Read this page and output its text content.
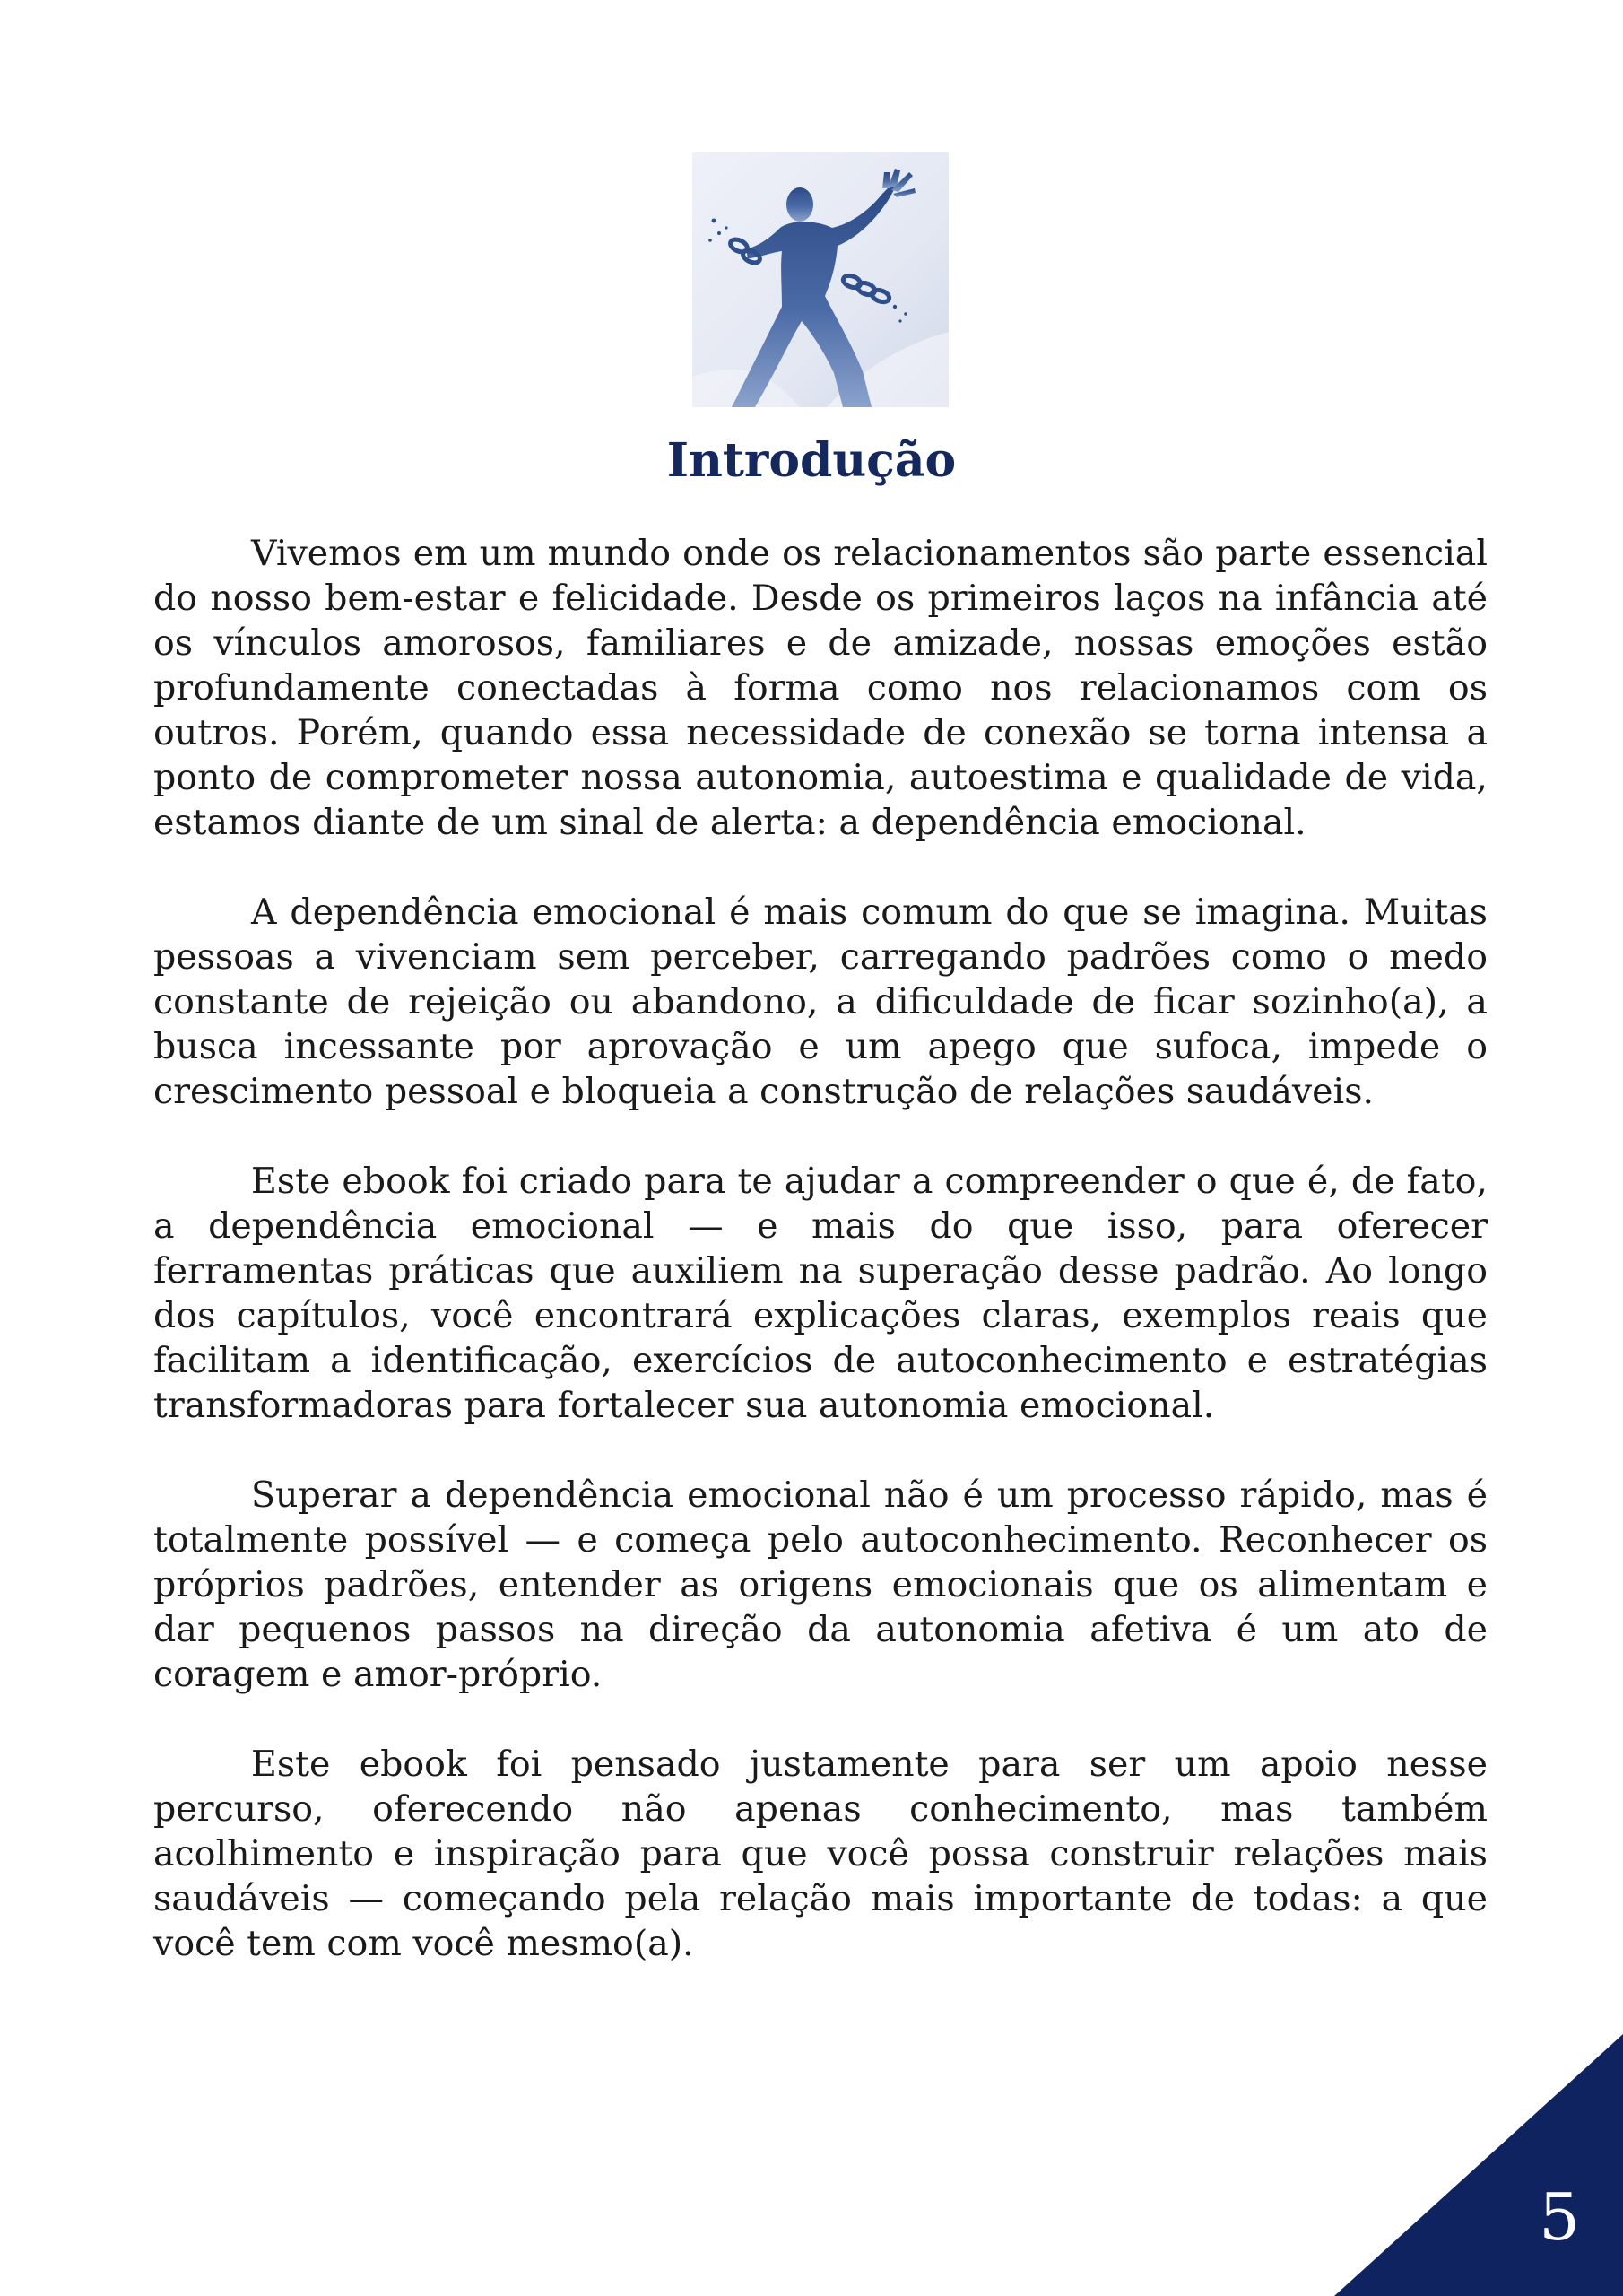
Introdução

Vivemos em um mundo onde os relacionamentos são parte essencial do nosso bem-estar e felicidade. Desde os primeiros laços na infância até os vínculos amorosos, familiares e de amizade, nossas emoções estão profundamente conectadas à forma como nos relacionamos com os outros. Porém, quando essa necessidade de conexão se torna intensa a ponto de comprometer nossa autonomia, autoestima e qualidade de vida, estamos diante de um sinal de alerta: a dependência emocional.

A dependência emocional é mais comum do que se imagina. Muitas pessoas a vivenciam sem perceber, carregando padrões como o medo constante de rejeição ou abandono, a dificuldade de ficar sozinho(a), a busca incessante por aprovação e um apego que sufoca, impede o crescimento pessoal e bloqueia a construção de relações saudáveis.

Este ebook foi criado para te ajudar a compreender o que é, de fato, a dependência emocional — e mais do que isso, para oferecer ferramentas práticas que auxiliem na superação desse padrão. Ao longo dos capítulos, você encontrará explicações claras, exemplos reais que facilitam a identificação, exercícios de autoconhecimento e estratégias transformadoras para fortalecer sua autonomia emocional.

Superar a dependência emocional não é um processo rápido, mas é totalmente possível — e começa pelo autoconhecimento. Reconhecer os próprios padrões, entender as origens emocionais que os alimentam e dar pequenos passos na direção da autonomia afetiva é um ato de coragem e amor-próprio.

Este ebook foi pensado justamente para ser um apoio nesse percurso, oferecendo não apenas conhecimento, mas também acolhimento e inspiração para que você possa construir relações mais saudáveis — começando pela relação mais importante de todas: a que você tem com você mesmo(a).

5
